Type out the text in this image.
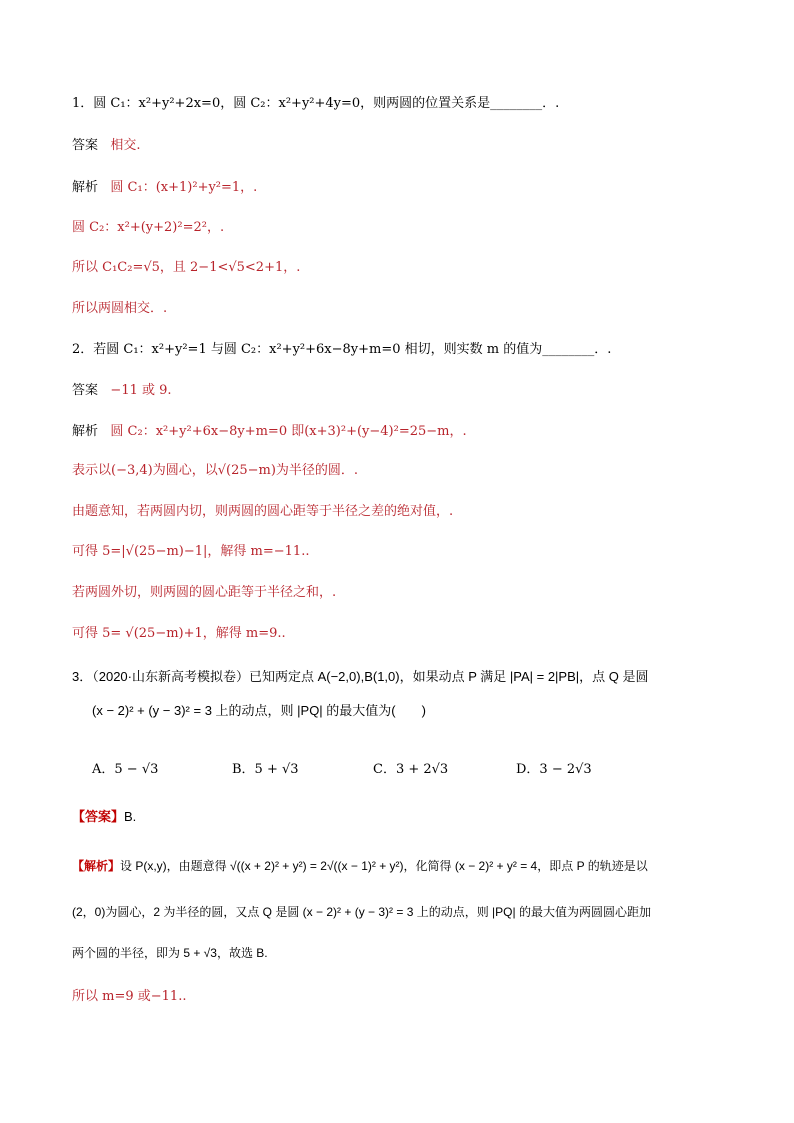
1．圆 C₁：x²+y²+2x=0，圆 C₂：x²+y²+4y=0，则两圆的位置关系是________．.
答案 相交.
解析 圆 C₁：(x+1)²+y²=1，.
圆 C₂：x²+(y+2)²=2²，.
所以 C₁C₂=√5，且 2−1<√5<2+1，.
所以两圆相交．.
2．若圆 C₁：x²+y²=1 与圆 C₂：x²+y²+6x−8y+m=0 相切，则实数 m 的值为________．.
答案 −11 或 9.
解析 圆 C₂：x²+y²+6x−8y+m=0 即(x+3)²+(y−4)²=25−m，.
表示以(−3,4)为圆心，以√(25−m)为半径的圆．.
由题意知，若两圆内切，则两圆的圆心距等于半径之差的绝对值，.
可得 5=|√(25−m)−1|，解得 m=−11..
若两圆外切，则两圆的圆心距等于半径之和，.
可得 5= √(25−m)+1，解得 m=9..
3．（2020·山东新高考模拟卷）已知两定点 A(−2,0),B(1,0)，如果动点 P 满足 |PA| = 2|PB|，点 Q 是圆
(x − 2)² + (y − 3)² = 3 上的动点，则 |PQ| 的最大值为(　　)
A．5 − √3	B．5 + √3	C．3 + 2√3	D．3 − 2√3
【答案】B.
【解析】设 P(x,y)，由题意得 √((x + 2)² + y²) = 2√((x − 1)² + y²)，化简得 (x − 2)² + y² = 4，即点 P 的轨迹是以
(2，0)为圆心，2 为半径的圆，又点 Q 是圆 (x − 2)² + (y − 3)² = 3 上的动点，则 |PQ| 的最大值为两圆圆心距加
两个圆的半径，即为 5 + √3，故选 B.
所以 m=9 或−11..
